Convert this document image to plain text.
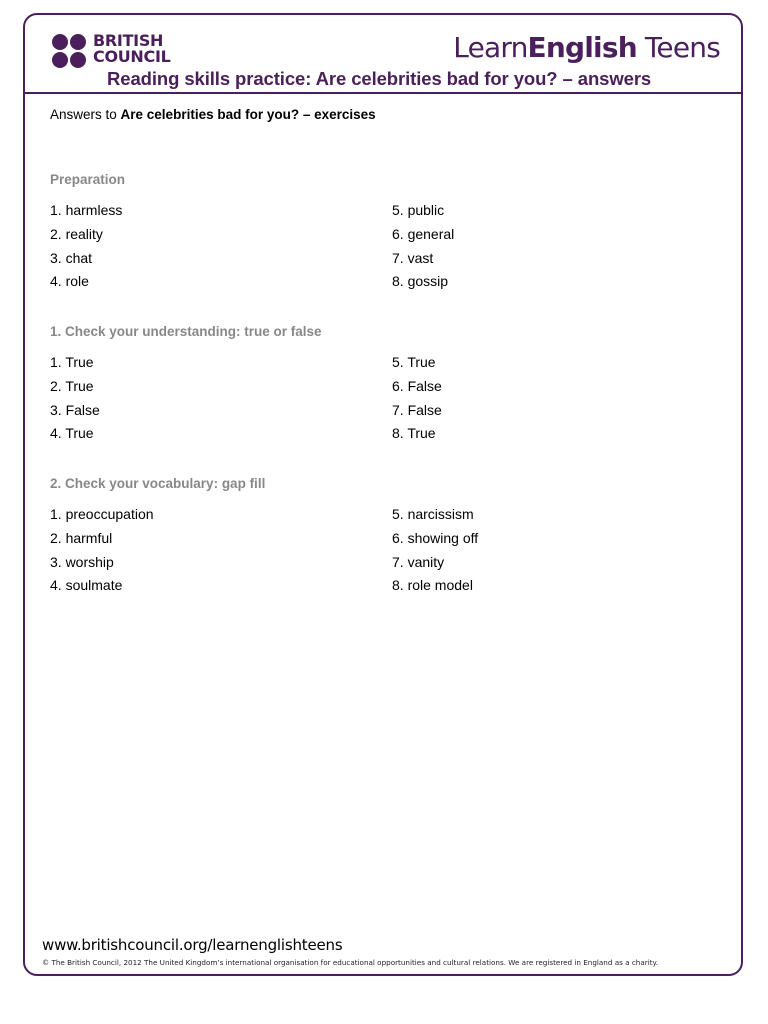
BRITISH
COUNCIL	LearnEnglish Teens
Reading skills practice: Are celebrities bad for you? – answers
Answers to Are celebrities bad for you? – exercises
Preparation
1. harmless
2. reality
3. chat
4. role
5. public
6. general
7. vast
8. gossip
1. Check your understanding: true or false
1. True
2. True
3. False
4. True
5. True
6. False
7. False
8. True
2. Check your vocabulary: gap fill
1. preoccupation
2. harmful
3. worship
4. soulmate
5. narcissism
6. showing off
7. vanity
8. role model
www.britishcouncil.org/learnenglishteens
© The British Council, 2012 The United Kingdom’s international organisation for educational opportunities and cultural relations. We are registered in England as a charity.
